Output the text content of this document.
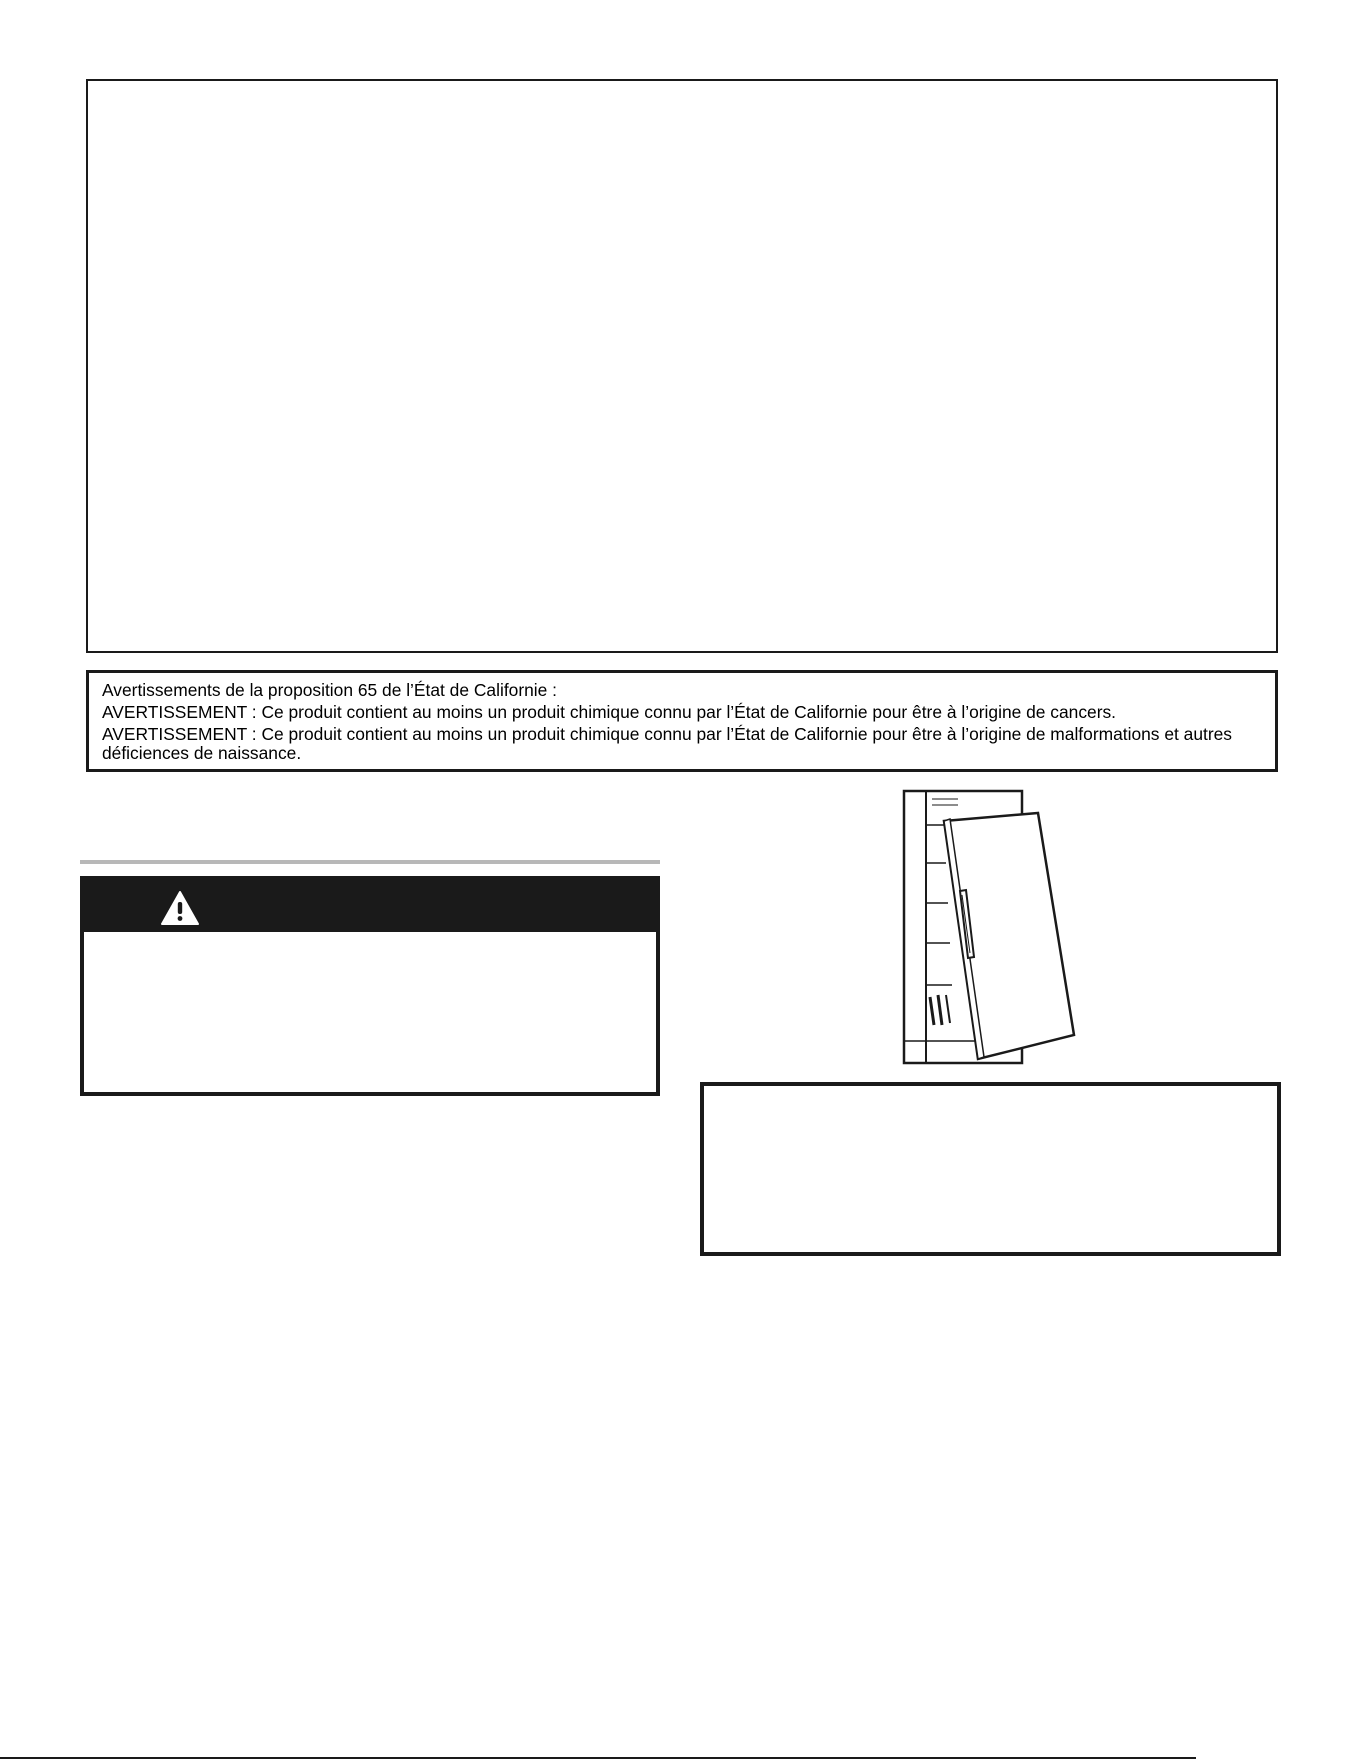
Avertissements de la proposition 65 de l’État de Californie :

AVERTISSEMENT : Ce produit contient au moins un produit chimique connu par l’État de Californie pour être à l’origine de cancers.

AVERTISSEMENT : Ce produit contient au moins un produit chimique connu par l’État de Californie pour être à l’origine de malformations et autres déficiences de naissance.
